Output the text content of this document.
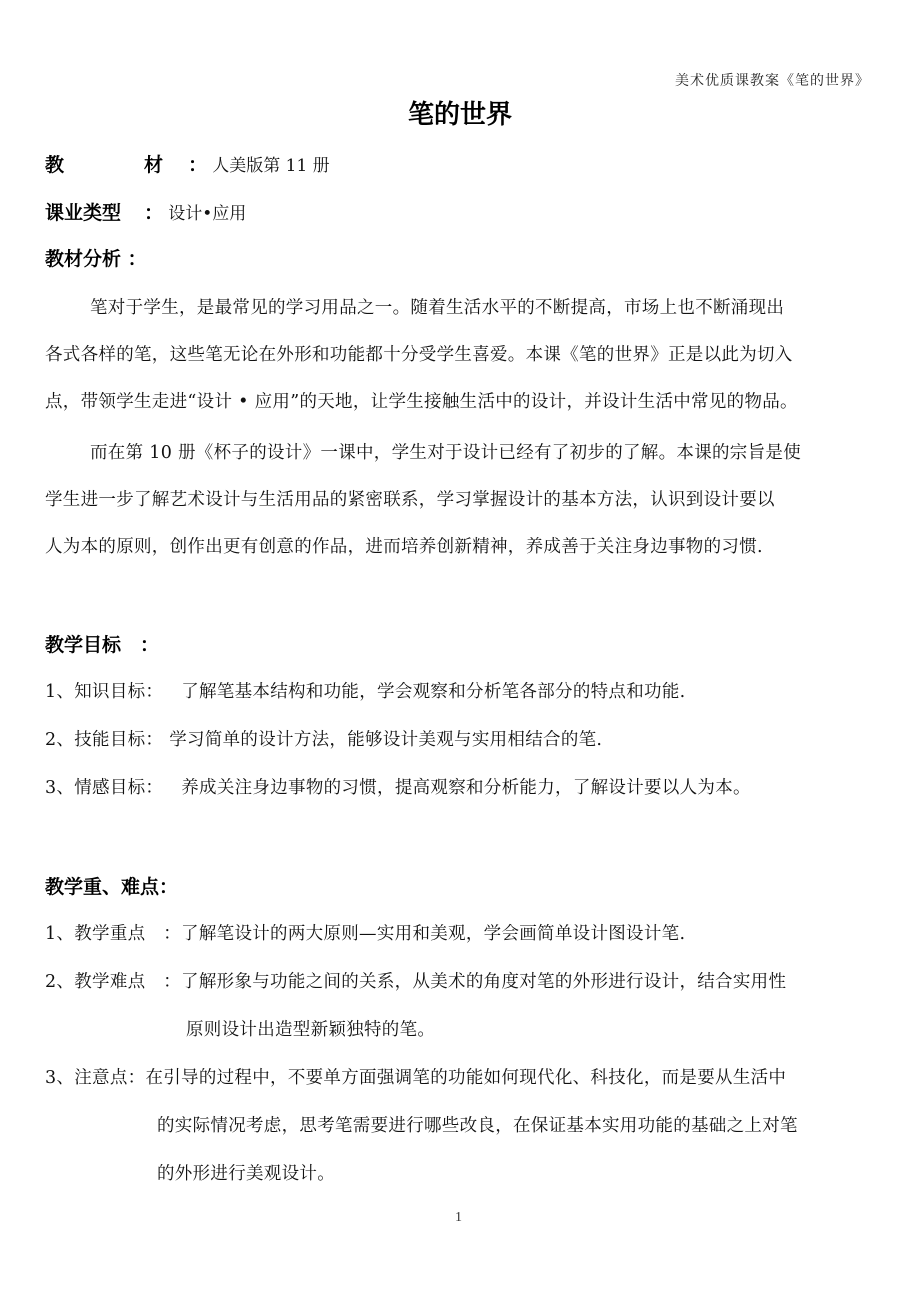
美术优质课教案《笔的世界》
笔的世界
教　　材 ： 人美版第 11 册
课业类型 ： 设计•应用
教材分析 ：
笔对于学生，是最常见的学习用品之一。随着生活水平的不断提高，市场上也不断涌现出
各式各样的笔，这些笔无论在外形和功能都十分受学生喜爱。本课《笔的世界》正是以此为切入
点，带领学生走进“设计 • 应用”的天地，让学生接触生活中的设计，并设计生活中常见的物品。
而在第 10 册《杯子的设计》一课中，学生对于设计已经有了初步的了解。本课的宗旨是使
学生进一步了解艺术设计与生活用品的紧密联系，学习掌握设计的基本方法，认识到设计要以
人为本的原则，创作出更有创意的作品，进而培养创新精神，养成善于关注身边事物的习惯.
教学目标　：
1、知识目标： 了解笔基本结构和功能，学会观察和分析笔各部分的特点和功能.
2、技能目标： 学习简单的设计方法，能够设计美观与实用相结合的笔.
3、情感目标： 养成关注身边事物的习惯，提高观察和分析能力，了解设计要以人为本。
教学重、难点：
1、教学重点　：了解笔设计的两大原则—实用和美观，学会画简单设计图设计笔.
2、教学难点　：了解形象与功能之间的关系，从美术的角度对笔的外形进行设计，结合实用性
原则设计出造型新颖独特的笔。
3、注意点：在引导的过程中，不要单方面强调笔的功能如何现代化、科技化，而是要从生活中
的实际情况考虑，思考笔需要进行哪些改良，在保证基本实用功能的基础之上对笔
的外形进行美观设计。
1
